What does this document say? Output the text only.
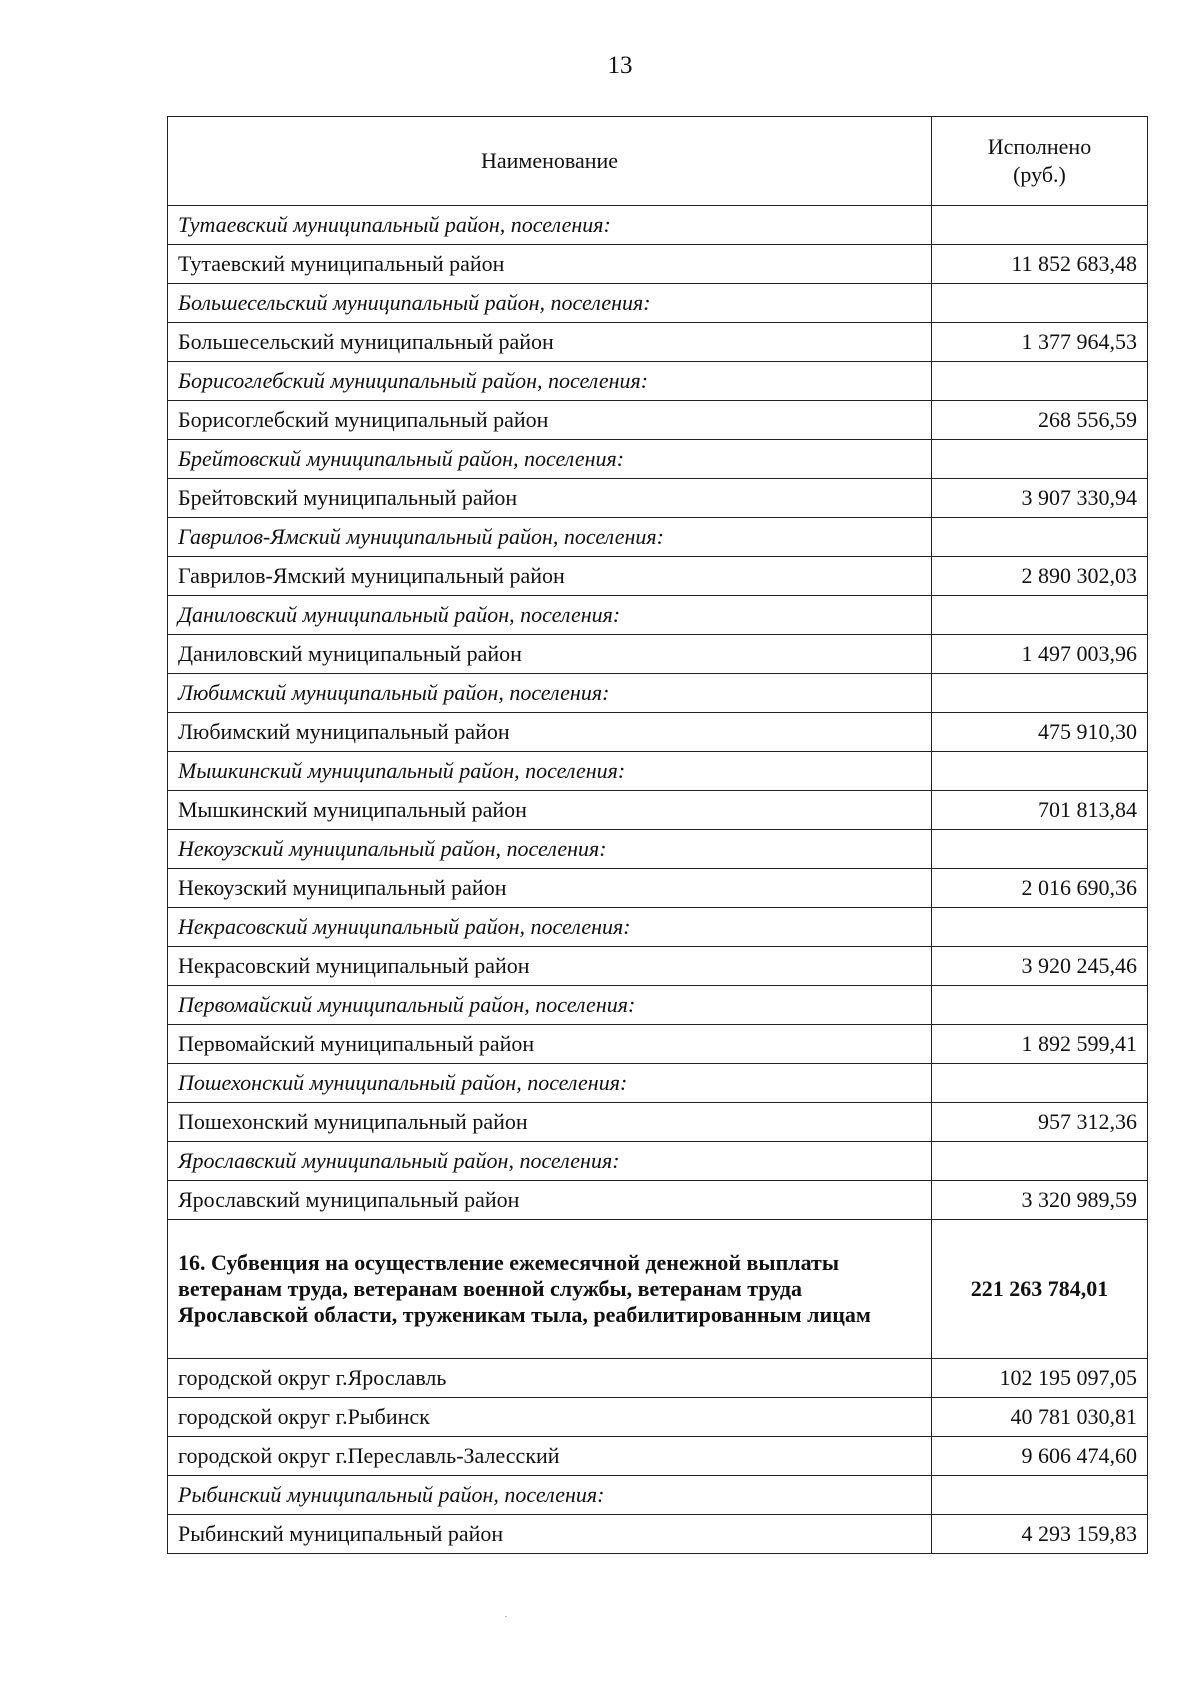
13
Наименование	Исполнено
(руб.)
Тутаевский муниципальный район, поселения:	
Тутаевский муниципальный район	11 852 683,48
Большесельский муниципальный район, поселения:	
Большесельский муниципальный район	1 377 964,53
Борисоглебский муниципальный район, поселения:	
Борисоглебский муниципальный район	268 556,59
Брейтовский муниципальный район, поселения:	
Брейтовский муниципальный район	3 907 330,94
Гаврилов-Ямский муниципальный район, поселения:	
Гаврилов-Ямский муниципальный район	2 890 302,03
Даниловский муниципальный район, поселения:	
Даниловский муниципальный район	1 497 003,96
Любимский муниципальный район, поселения:	
Любимский муниципальный район	475 910,30
Мышкинский муниципальный район, поселения:	
Мышкинский муниципальный район	701 813,84
Некоузский муниципальный район, поселения:	
Некоузский муниципальный район	2 016 690,36
Некрасовский муниципальный район, поселения:	
Некрасовский муниципальный район	3 920 245,46
Первомайский муниципальный район, поселения:	
Первомайский муниципальный район	1 892 599,41
Пошехонский муниципальный район, поселения:	
Пошехонский муниципальный район	957 312,36
Ярославский муниципальный район, поселения:	
Ярославский муниципальный район	3 320 989,59
16. Субвенция на осуществление ежемесячной денежной выплаты ветеранам труда, ветеранам военной службы, ветеранам труда Ярославской области, труженикам тыла, реабилитированным лицам	221 263 784,01
городской округ г.Ярославль	102 195 097,05
городской округ г.Рыбинск	40 781 030,81
городской округ г.Переславль-Залесский	9 606 474,60
Рыбинский муниципальный район, поселения:	
Рыбинский муниципальный район	4 293 159,83
